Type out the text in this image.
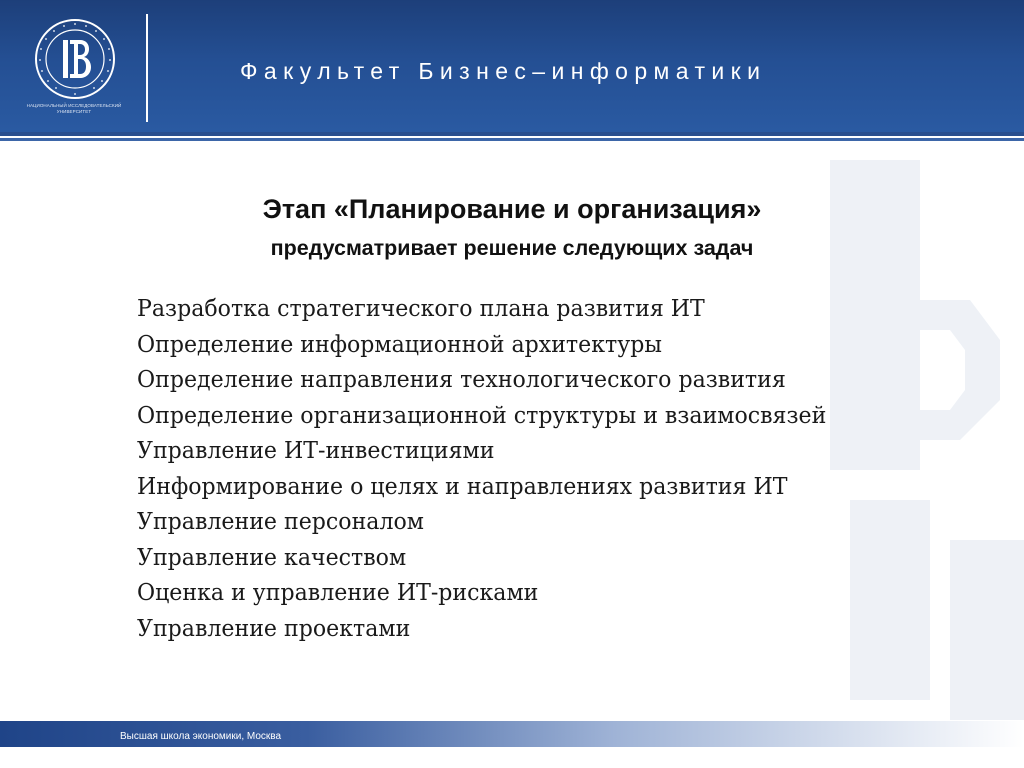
НАЦИОНАЛЬНЫЙ ИССЛЕДОВАТЕЛЬСКИЙ УНИВЕРСИТЕТ
Факультет Бизнес–информатики
Этап «Планирование и организация»
предусматривает решение следующих задач
Разработка стратегического плана развития ИТ
Определение информационной архитектуры
Определение направления технологического развития
Определение организационной структуры и взаимосвязей
Управление ИТ-инвестициями
Информирование о целях и направлениях развития ИТ
Управление персоналом
Управление качеством
Оценка и управление ИТ-рисками
Управление проектами
Высшая школа экономики, Москва
